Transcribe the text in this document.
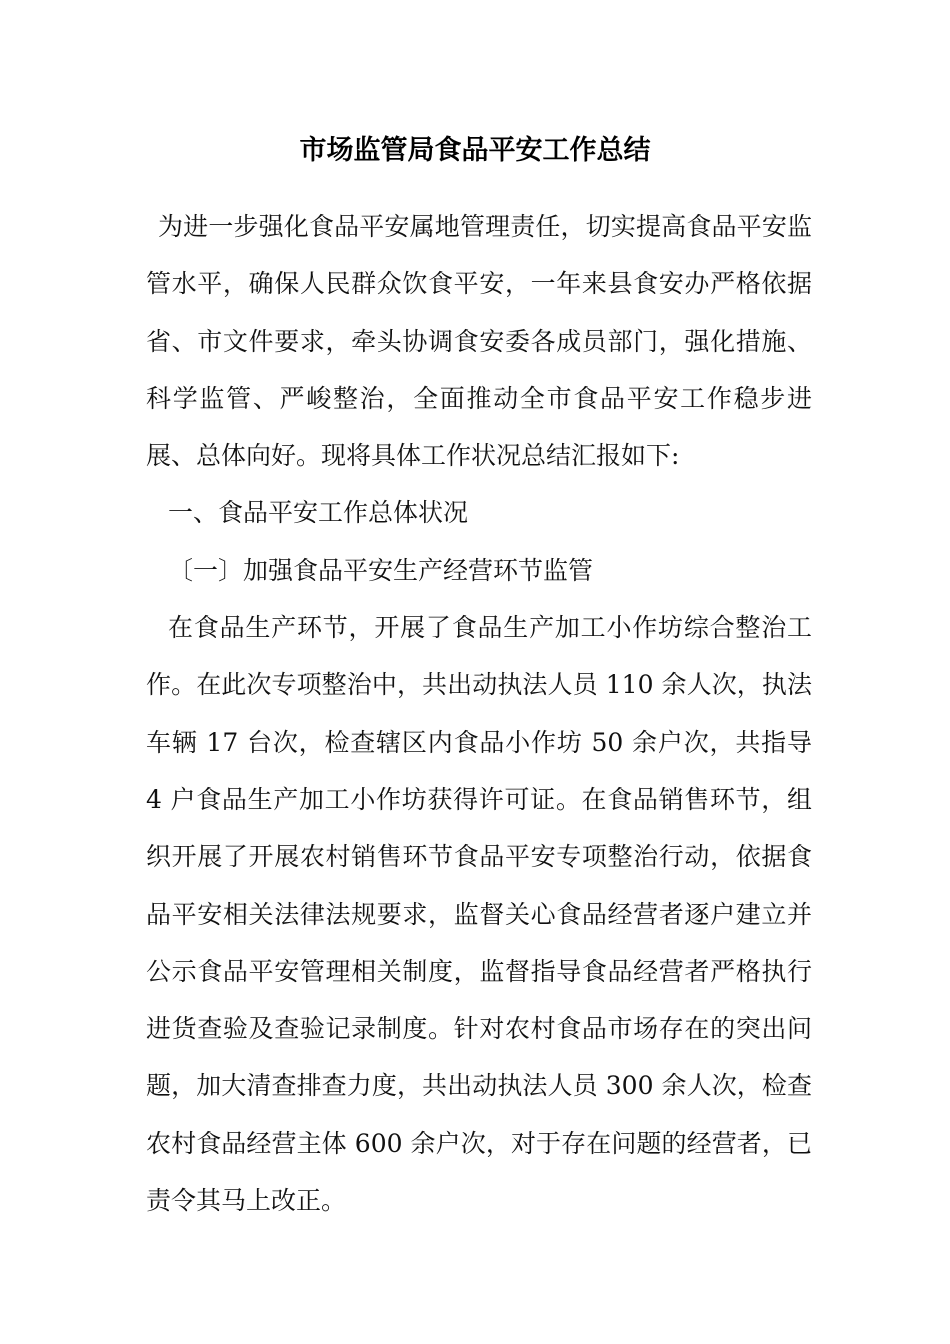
市场监管局食品平安工作总结

为进一步强化食品平安属地管理责任，切实提高食品平安监管水平，确保人民群众饮食平安，一年来县食安办严格依据省、市文件要求，牵头协调食安委各成员部门，强化措施、科学监管、严峻整治，全面推动全市食品平安工作稳步进展、总体向好。现将具体工作状况总结汇报如下:

一、食品平安工作总体状况

〔一〕加强食品平安生产经营环节监管

在食品生产环节，开展了食品生产加工小作坊综合整治工作。在此次专项整治中，共出动执法人员 110 余人次，执法车辆 17 台次，检查辖区内食品小作坊 50 余户次，共指导 4 户食品生产加工小作坊获得许可证。在食品销售环节，组织开展了开展农村销售环节食品平安专项整治行动，依据食品平安相关法律法规要求，监督关心食品经营者逐户建立并公示食品平安管理相关制度，监督指导食品经营者严格执行进货查验及查验记录制度。针对农村食品市场存在的突出问题，加大清查排查力度，共出动执法人员 300 余人次，检查农村食品经营主体 600 余户次，对于存在问题的经营者，已责令其马上改正。
